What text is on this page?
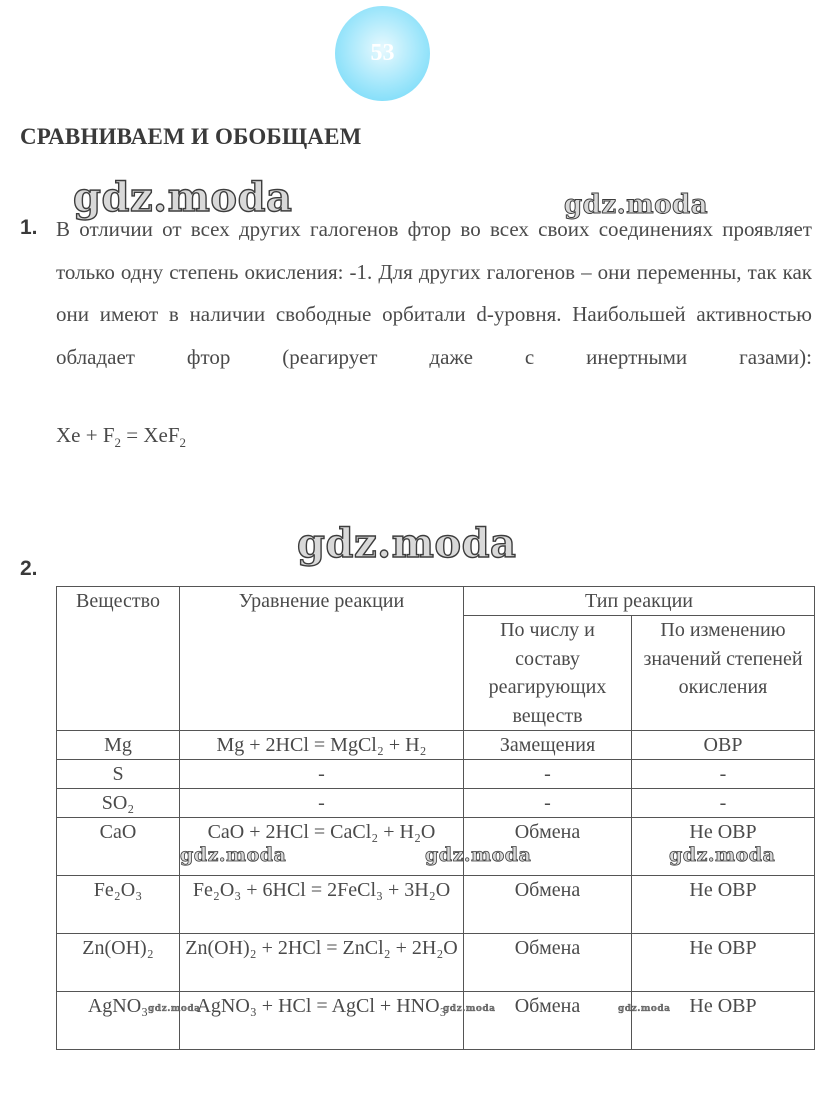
53
СРАВНИВАЕМ И ОБОБЩАЕМ
gdz.moda	gdz.moda
1. В отличии от всех других галогенов фтор во всех своих соединениях проявляет только одну степень окисления: -1. Для других галогенов – они переменны, так как они имеют в наличии свободные орбитали d-уровня. Наибольшей активностью обладает фтор (реагирует даже с инертными газами):

$Xe + F_2 = XeF_2$
gdz.moda
2.
Вещество	Уравнение реакции	Тип реакции	
		По числу и составу реагирующих веществ	По изменению значений степеней окисления
Mg	Mg + 2HCl = MgCl₂ + H₂	Замещения	ОВР
S	-	-	-
SO₂	-	-	-
CaO	CaO + 2HCl = CaCl₂ + H₂O	Обмена	Не ОВР
Fe₂O₃	Fe₂O₃ + 6HCl = 2FeCl₃ + 3H₂O	Обмена	Не ОВР
Zn(OH)₂	Zn(OH)₂ + 2HCl = ZnCl₂ + 2H₂O	Обмена	Не ОВР
AgNO₃	AgNO₃ + HCl = AgCl + HNO₃	Обмена	Не ОВР
gdz.moda	gdz.moda	gdz.moda
gdz.moda	gdz.moda	gdz.moda
